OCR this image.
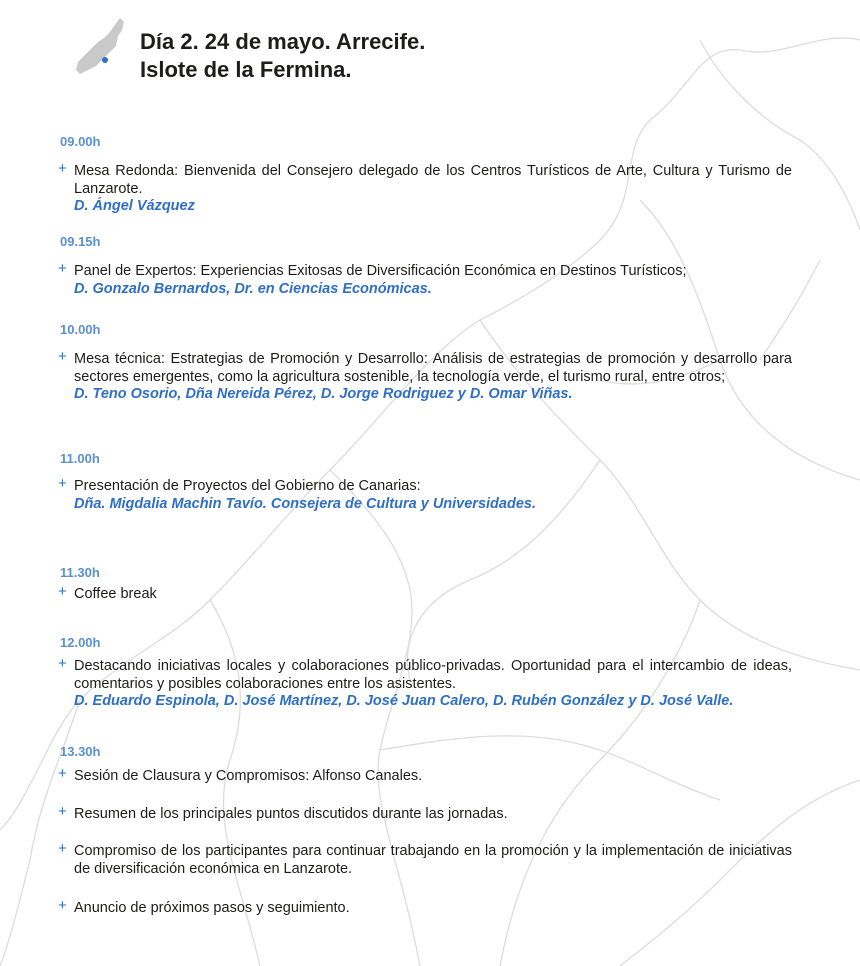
Día 2. 24 de mayo. Arrecife.
Islote de la Fermina.
09.00h
+ Mesa Redonda: Bienvenida del Consejero delegado de los Centros Turísticos de Arte, Cultura y Turismo de Lanzarote.
D. Ángel Vázquez
09.15h
+ Panel de Expertos: Experiencias Exitosas de Diversificación Económica en Destinos Turísticos;
D. Gonzalo Bernardos, Dr. en Ciencias Económicas.
10.00h
+ Mesa técnica: Estrategias de Promoción y Desarrollo: Análisis de estrategias de promoción y desarrollo para sectores emergentes, como la agricultura sostenible, la tecnología verde, el turismo rural, entre otros;
D. Teno Osorio, Dña Nereida Pérez, D. Jorge Rodriguez y D. Omar Viñas.
11.00h
+ Presentación de Proyectos del Gobierno de Canarias:
Dña. Migdalia Machin Tavío. Consejera de Cultura y Universidades.
11.30h
+ Coffee break
12.00h
+ Destacando iniciativas locales y colaboraciones público-privadas. Oportunidad para el intercambio de ideas, comentarios y posibles colaboraciones entre los asistentes.
D. Eduardo Espinola, D. José Martínez, D. José Juan Calero, D. Rubén González y D. José Valle.
13.30h
+ Sesión de Clausura y Compromisos: Alfonso Canales.
+ Resumen de los principales puntos discutidos durante las jornadas.
+ Compromiso de los participantes para continuar trabajando en la promoción y la implementación de iniciativas de diversificación económica en Lanzarote.
+ Anuncio de próximos pasos y seguimiento.
